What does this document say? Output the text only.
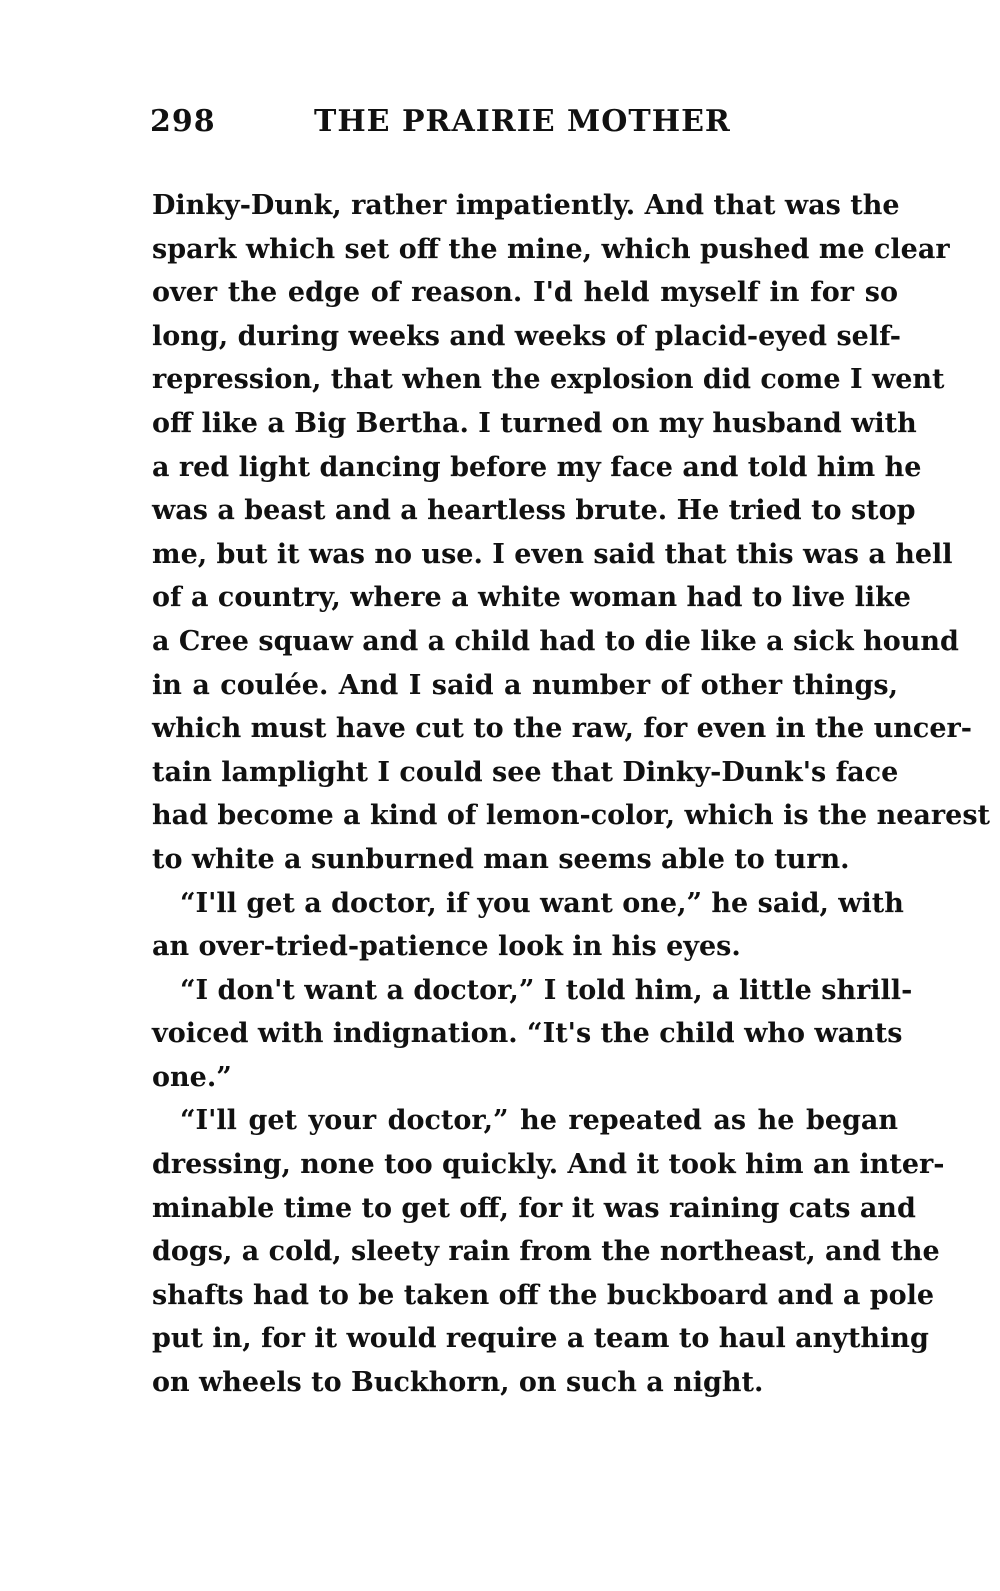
298	THE PRAIRIE MOTHER
Dinky-Dunk, rather impatiently. And that was the
spark which set off the mine, which pushed me clear
over the edge of reason. I'd held myself in for so
long, during weeks and weeks of placid-eyed self-
repression, that when the explosion did come I went
off like a Big Bertha. I turned on my husband with
a red light dancing before my face and told him he
was a beast and a heartless brute. He tried to stop
me, but it was no use. I even said that this was a hell
of a country, where a white woman had to live like
a Cree squaw and a child had to die like a sick hound
in a coulée. And I said a number of other things,
which must have cut to the raw, for even in the uncer-
tain lamplight I could see that Dinky-Dunk's face
had become a kind of lemon-color, which is the nearest
to white a sunburned man seems able to turn.
“I'll get a doctor, if you want one,” he said, with
an over-tried-patience look in his eyes.
“I don't want a doctor,” I told him, a little shrill-
voiced with indignation. “It's the child who wants
one.”
“I'll get your doctor,” he repeated as he began
dressing, none too quickly. And it took him an inter-
minable time to get off, for it was raining cats and
dogs, a cold, sleety rain from the northeast, and the
shafts had to be taken off the buckboard and a pole
put in, for it would require a team to haul anything
on wheels to Buckhorn, on such a night.
